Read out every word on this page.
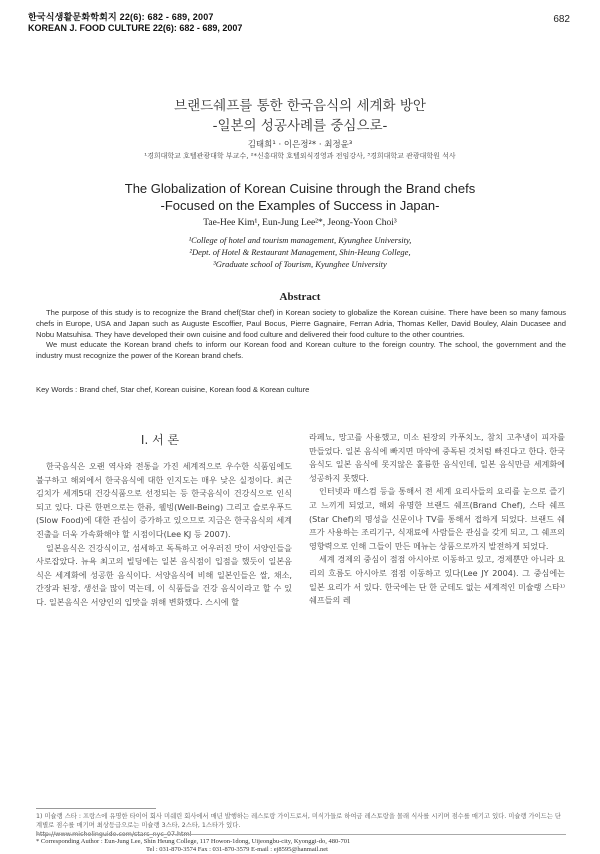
한국식생활문화학회지 22(6): 682 - 689, 2007
KOREAN J. FOOD CULTURE 22(6): 682 - 689, 2007
682
브랜드쉐프를 통한 한국음식의 세계화 방안
-일본의 성공사례를 중심으로-
김태희¹ · 이은정²* · 최정윤³
¹경희대학교 호텔관광대학 부교수, ²*신흥대학 호텔외식경영과 전임강사, ³경희대학교 관광대학원 석사
The Globalization of Korean Cuisine through the Brand chefs
-Focused on the Examples of Success in Japan-
Tae-Hee Kim¹, Eun-Jung Lee²*, Jeong-Yoon Choi³
¹College of hotel and tourism management, Kyunghee University,
²Dept. of Hotel & Restaurant Management, Shin-Heung College,
³Graduate school of Tourism, Kyunghee University
Abstract

The purpose of this study is to recognize the Brand chef(Star chef) in Korean society to globalize the Korean cuisine. There have been so many famous chefs in Europe, USA and Japan such as Auguste Escoffier, Paul Bocus, Pierre Gagnaire, Ferran Adria, Thomas Keller, David Bouley, Alain Ducasee and Nobu Matsuhisa. They have developed their own cuisine and food culture and delivered their food culture to the other countries.

We must educate the Korean brand chefs to inform our Korean food and Korean culture to the foreign country. The school, the government and the industry must recognize the power of the Korean brand chefs.

Key Words : Brand chef, Star chef, Korean cuisine, Korean food & Korean culture
I. 서 론

한국음식은 오랜 역사와 전통을 가진 세계적으로 우수한 식품임에도 불구하고 해외에서 한국음식에 대한 인지도는 매우 낮은 실정이다. 최근 김치가 세계5대 건강식품으로 선정되는 등 한국음식이 건강식으로 인식되고 있다. 다른 한편으로는 한류, 웰빙(Well-Being) 그리고 슬로우푸드(Slow Food)에 대한 관심이 증가하고 있으므로 지금은 한국음식의 세계 진출을 더욱 가속화해야 할 시점이다(Lee KJ 등 2007).

일본음식은 건강식이고, 섬세하고 독특하고 어우러진 맛이 서양인들을 사로잡았다. 뉴욕 최고의 빌딩에는 일본 음식점이 입점을 했듯이 일본음식은 세계화에 성공한 음식이다. 서양음식에 비해 일본인들은 쌀, 채소, 간장과 된장, 생선을 많이 먹는데, 이 식품들을 건강 음식이라고 할 수 있다. 일본음식은 서양인의 입맛을 위해 변화했다. 스시에 할

라페뇨, 망고를 사용했고, 미소 된장의 카푸치노, 참치 고추냉이 피자를 만들었다. 일본 음식에 빠지면 마약에 중독된 것처럼 빠진다고 한다. 한국음식도 일본 음식에 못지않은 훌륭한 음식인데, 일본 음식만큼 세계화에 성공하지 못했다.

인터넷과 매스컴 등을 통해서 전 세계 요리사들의 요리를 눈으로 즐기고 느끼게 되었고, 해외 유명한 브랜드 쉐프(Brand Chef), 스타 쉐프(Star Chef)의 명성을 신문이나 TV를 통해서 접하게 되었다. 브랜드 쉐프가 사용하는 조리기구, 식재료에 사람들은 관심을 갖게 되고, 그 쉐프의 영향력으로 인해 그들이 만든 메뉴는 상품으로까지 발전하게 되었다.

세계 경제의 중심이 점점 아시아로 이동하고 있고, 경제뿐만 아니라 요리의 흐름도 아시아로 점점 이동하고 있다(Lee JY 2004). 그 중심에는 일본 요리가 서 있다. 한국에는 단 한 군데도 없는 세계적인 미슐랭 스타¹⁾ 쉐프들의 레

1) 미슐랭 스타 : 프랑스에 유명한 타이어 회사 미쉐린 회사에서 매년 발행하는 레스토랑 가이드로서, 미식가들로 하여금 레스토랑을 몰래 식사를 시키며 점수를 매기고 있다. 미슐랭 가이드는 단계별로 점수를 매기며 최상등급으로는 미슐랭 3스타, 2스타, 1스타가 있다.
http://www.michelinguide.com/stars_nyc_07.html
* Corresponding Author : Eun-Jung Lee, Shin Heung College, 117 Howon-1dong, Uijeongbu-city, Kyonggi-do, 480-701
Tel : 031-870-3574 Fax : 031-870-3579 E-mail : ej8595@hanmail.net
